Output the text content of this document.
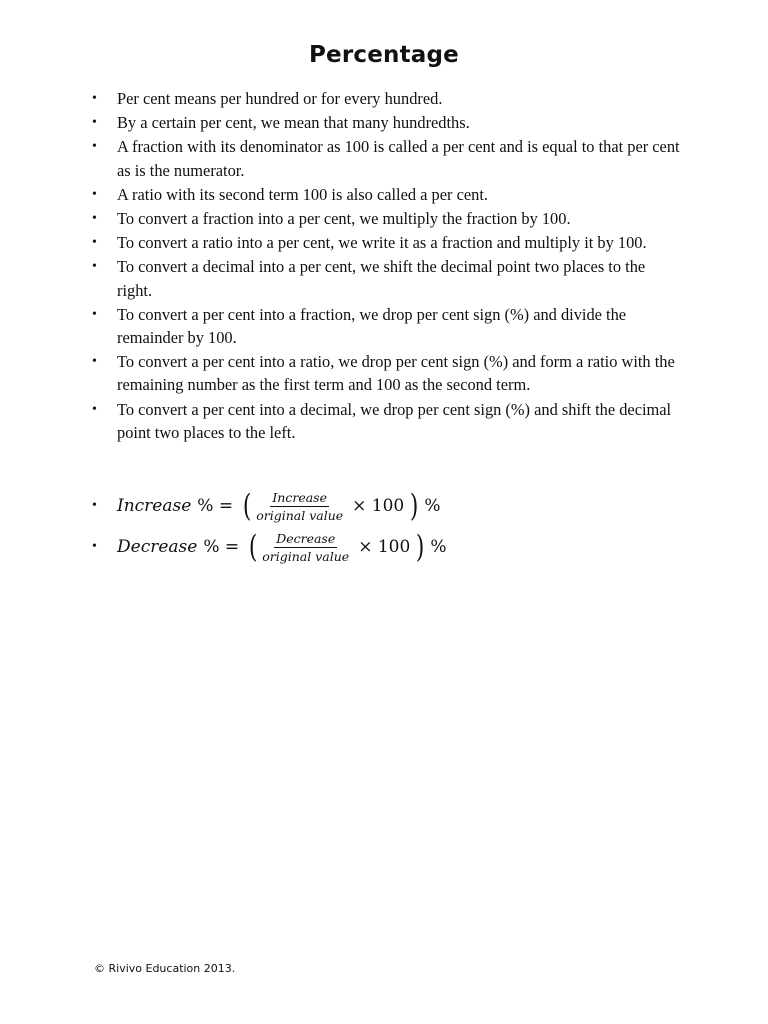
Percentage
• Per cent means per hundred or for every hundred.
• By a certain per cent, we mean that many hundredths.
• A fraction with its denominator as 100 is called a per cent and is equal to that per cent as is the numerator.
• A ratio with its second term 100 is also called a per cent.
• To convert a fraction into a per cent, we multiply the fraction by 100.
• To convert a ratio into a per cent, we write it as a fraction and multiply it by 100.
• To convert a decimal into a per cent, we shift the decimal point two places to the right.
• To convert a per cent into a fraction, we drop per cent sign (%) and divide the remainder by 100.
• To convert a per cent into a ratio, we drop per cent sign (%) and form a ratio with the remaining number as the first term and 100 as the second term.
• To convert a per cent into a decimal, we drop per cent sign (%) and shift the decimal point two places to the left.
•	Increase % = ( $\frac{\text{Increase}}{\text{original value}} \times 100$ ) %
•	Decrease % = ( $\frac{\text{Decrease}}{\text{original value}} \times 100$ ) %
© Rivivo Education 2013.
